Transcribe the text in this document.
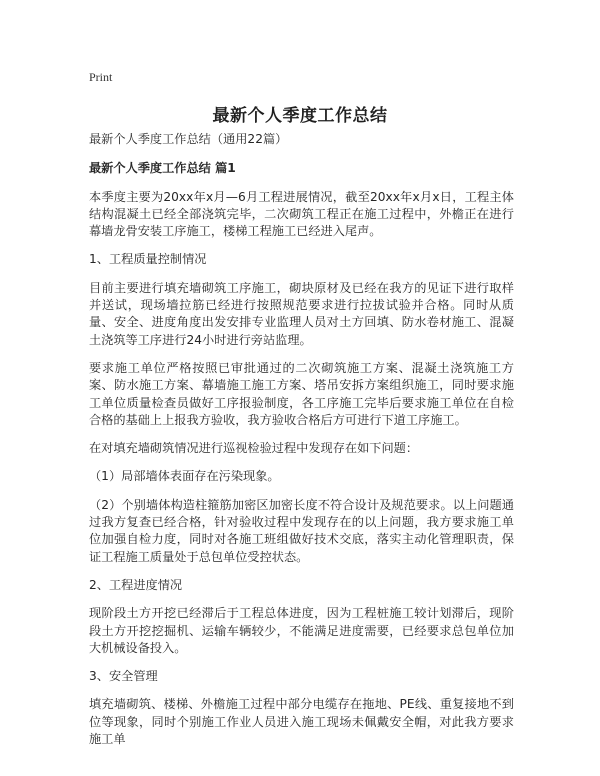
Print
最新个人季度工作总结

最新个人季度工作总结（通用22篇）

最新个人季度工作总结 篇1

本季度主要为20xx年x月—6月工程进展情况，截至20xx年x月x日，工程主体结构混凝土已经全部浇筑完毕，二次砌筑工程正在施工过程中，外檐正在进行幕墙龙骨安装工序施工，楼梯工程施工已经进入尾声。

1、工程质量控制情况

目前主要进行填充墙砌筑工序施工，砌块原材及已经在我方的见证下进行取样并送试，现场墙拉筋已经进行按照规范要求进行拉拔试验并合格。同时从质量、安全、进度角度出发安排专业监理人员对土方回填、防水卷材施工、混凝土浇筑等工序进行24小时进行旁站监理。

要求施工单位严格按照已审批通过的二次砌筑施工方案、混凝土浇筑施工方案、防水施工方案、幕墙施工施工方案、塔吊安拆方案组织施工，同时要求施工单位质量检查员做好工序报验制度，各工序施工完毕后要求施工单位在自检合格的基础上上报我方验收，我方验收合格后方可进行下道工序施工。

在对填充墙砌筑情况进行巡视检验过程中发现存在如下问题：

（1）局部墙体表面存在污染现象。

（2）个别墙体构造柱箍筋加密区加密长度不符合设计及规范要求。以上问题通过我方复查已经合格，针对验收过程中发现存在的以上问题，我方要求施工单位加强自检力度，同时对各施工班组做好技术交底，落实主动化管理职责，保证工程施工质量处于总包单位受控状态。

2、工程进度情况

现阶段土方开挖已经滞后于工程总体进度，因为工程桩施工较计划滞后，现阶段土方开挖挖掘机、运输车辆较少，不能满足进度需要，已经要求总包单位加大机械设备投入。

3、安全管理

填充墙砌筑、楼梯、外檐施工过程中部分电缆存在拖地、PE线、重复接地不到位等现象，同时个别施工作业人员进入施工现场未佩戴安全帽，对此我方要求施工单
